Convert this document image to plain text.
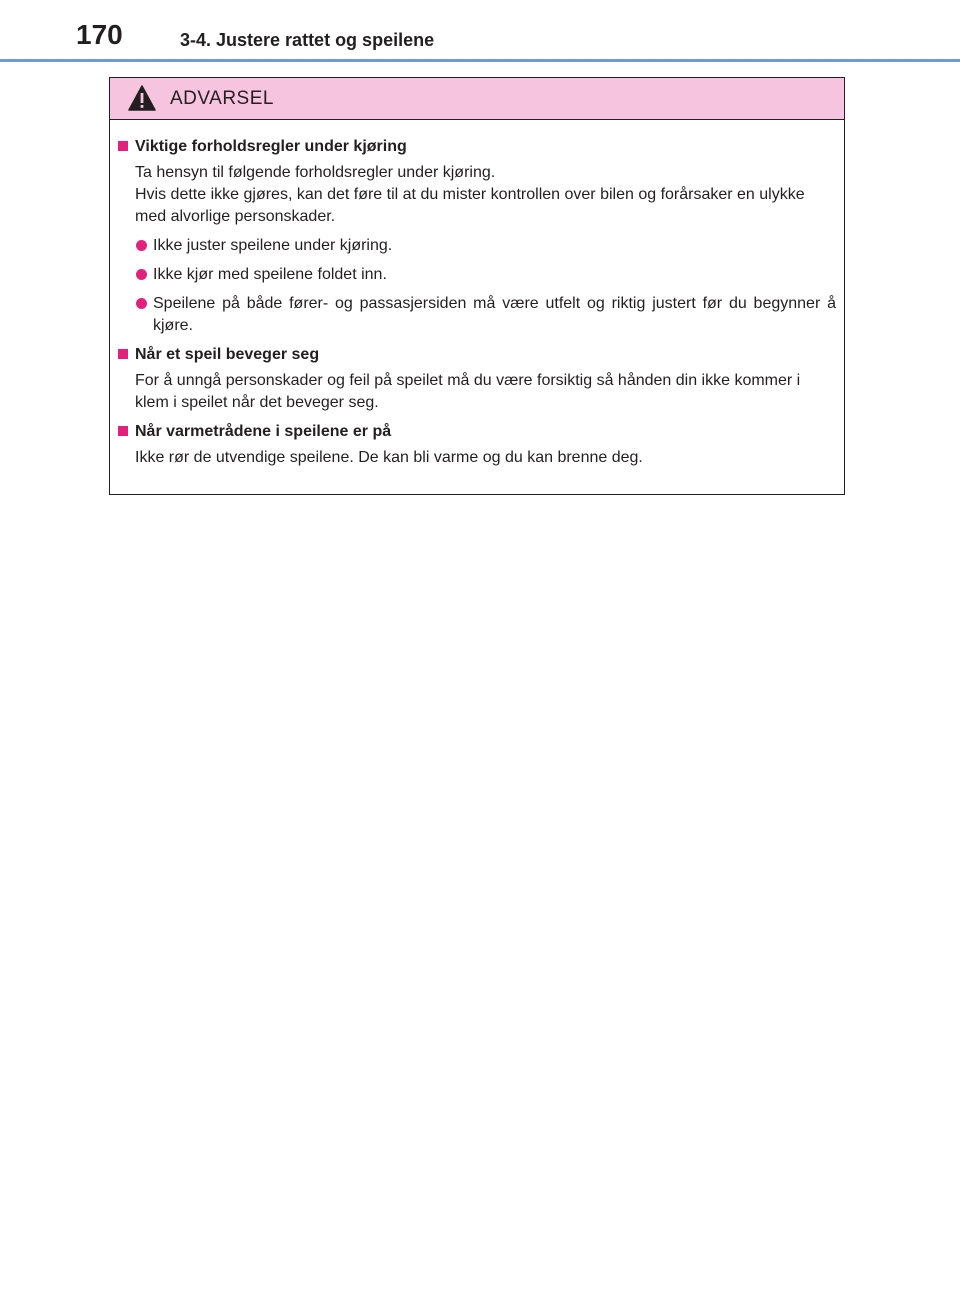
170	3-4. Justere rattet og speilene
ADVARSEL
Viktige forholdsregler under kjøring
Ta hensyn til følgende forholdsregler under kjøring.
Hvis dette ikke gjøres, kan det føre til at du mister kontrollen over bilen og forårsaker en ulykke med alvorlige personskader.
Ikke juster speilene under kjøring.
Ikke kjør med speilene foldet inn.
Speilene på både fører- og passasjersiden må være utfelt og riktig justert før du begynner å kjøre.
Når et speil beveger seg
For å unngå personskader og feil på speilet må du være forsiktig så hånden din ikke kommer i klem i speilet når det beveger seg.
Når varmetrådene i speilene er på
Ikke rør de utvendige speilene. De kan bli varme og du kan brenne deg.
